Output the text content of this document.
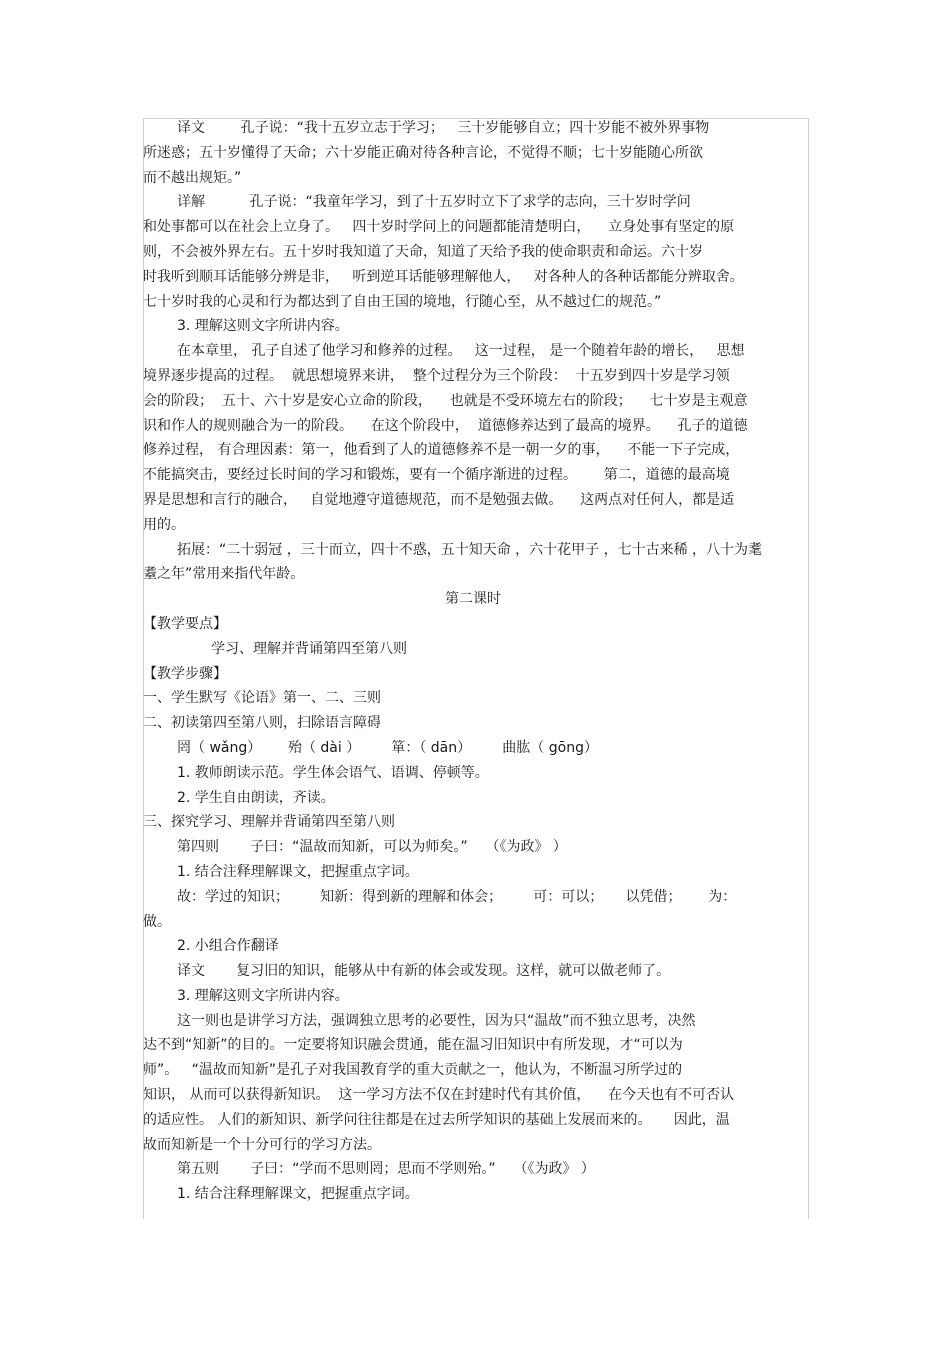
译文        孔子说：“我十五岁立志于学习；   三十岁能够自立；四十岁能不被外界事物
所迷惑；五十岁懂得了天命；六十岁能正确对待各种言论，不觉得不顺；七十岁能随心所欲
而不越出规矩。”
详解          孔子说：“我童年学习，到了十五岁时立下了求学的志向，三十岁时学问
和处事都可以在社会上立身了。   四十岁时学问上的问题都能清楚明白，    立身处事有坚定的原
则，不会被外界左右。五十岁时我知道了天命，知道了天给予我的使命职责和命运。六十岁
时我听到顺耳话能够分辨是非，   听到逆耳话能够理解他人，   对各种人的各种话都能分辨取舍。
七十岁时我的心灵和行为都达到了自由王国的境地，行随心至，从不越过仁的规范。”
3. 理解这则文字所讲内容。
在本章里， 孔子自述了他学习和修养的过程。   这一过程， 是一个随着年龄的增长，   思想
境界逐步提高的过程。  就思想境界来讲，  整个过程分为三个阶段：  十五岁到四十岁是学习领
会的阶段；  五十、六十岁是安心立命的阶段，    也就是不受环境左右的阶段；    七十岁是主观意
识和作人的规则融合为一的阶段。    在这个阶段中，  道德修养达到了最高的境界。    孔子的道德
修养过程， 有合理因素：第一，他看到了人的道德修养不是一朝一夕的事，    不能一下子完成，
不能搞突击，要经过长时间的学习和锻炼，要有一个循序渐进的过程。      第二，道德的最高境
界是思想和言行的融合，   自觉地遵守道德规范，而不是勉强去做。    这两点对任何人，都是适
用的。
拓展：“二十弱冠 ，三十而立，四十不惑，五十知天命 ，六十花甲子 ，七十古来稀 ，八十为耄
耋之年”常用来指代年龄。
第二课时
【教学要点】
学习、理解并背诵第四至第八则
【教学步骤】
一、学生默写《论语》第一、二、三则
二、初读第四至第八则，扫除语言障碍
罔（ wǎng）      殆（ dài ）       箪：（ dān）       曲肱（ gōng）
1. 教师朗读示范。学生体会语气、语调、停顿等。
2. 学生自由朗读，齐读。
三、探究学习、理解并背诵第四至第八则
第四则       子曰：“温故而知新，可以为师矣。”    （《为政》 ）
1. 结合注释理解课文，把握重点字词。
故：学过的知识；       知新：得到新的理解和体会；       可：可以；     以凭借；      为：
做。
2. 小组合作翻译
译文       复习旧的知识，能够从中有新的体会或发现。这样，就可以做老师了。
3. 理解这则文字所讲内容。
这一则也是讲学习方法，强调独立思考的必要性，因为只“温故”而不独立思考，决然
达不到“知新”的目的。一定要将知识融会贯通，能在温习旧知识中有所发现，才“可以为
师”。   “温故而知新”是孔子对我国教育学的重大贡献之一，他认为，不断温习所学过的
知识， 从而可以获得新知识。  这一学习方法不仅在封建时代有其价值，    在今天也有不可否认
的适应性。 人们的新知识、新学问往往都是在过去所学知识的基础上发展而来的。     因此，温
故而知新是一个十分可行的学习方法。
第五则       子曰：“学而不思则罔；思而不学则殆。”    （《为政》 ）
1. 结合注释理解课文，把握重点字词。
